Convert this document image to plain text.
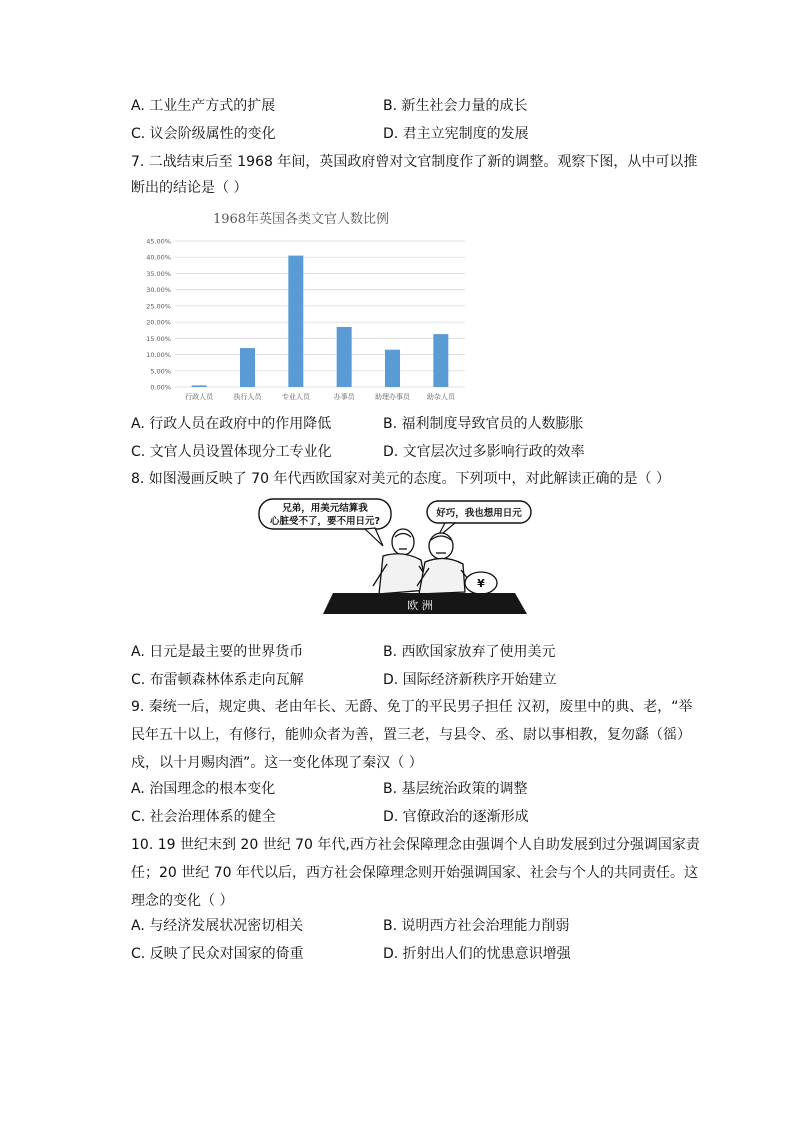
A. 工业生产方式的扩展	B. 新生社会力量的成长
C. 议会阶级属性的变化	D. 君主立宪制度的发展
7. 二战结束后至 1968 年间，英国政府曾对文官制度作了新的调整。观察下图，从中可以推
断出的结论是（ ）
1968年英国各类文官人数比例
0.00%
5.00%
10.00%
15.00%
20.00%
25.00%
30.00%
35.00%
40.00%
45.00%
行政人员	执行人员	专业人员	办事员	助理办事员 助杂人员
A. 行政人员在政府中的作用降低	B. 福利制度导致官员的人数膨胀
C. 文官人员设置体现分工专业化	D. 文官层次过多影响行政的效率
8. 如图漫画反映了 70 年代西欧国家对美元的态度。下列项中，对此解读正确的是（ ）
兄弟，用美元结算我
心脏受不了，要不用日元?
好巧，我也想用日元
¥
欧 洲
A. 日元是最主要的世界货币	B. 西欧国家放弃了使用美元
C. 布雷顿森林体系走向瓦解	D. 国际经济新秩序开始建立
9. 秦统一后，规定典、老由年长、无爵、免丁的平民男子担任 汉初，废里中的典、老，“举
民年五十以上，有修行，能帅众者为善，置三老，与县令、丞、尉以事相教，复勿繇（徭）
戍，以十月赐肉酒”。这一变化体现了秦汉（ ）
A. 治国理念的根本变化	B. 基层统治政策的调整
C. 社会治理体系的健全	D. 官僚政治的逐渐形成
10. 19 世纪末到 20 世纪 70 年代,西方社会保障理念由强调个人自助发展到过分强调国家责
任；20 世纪 70 年代以后，西方社会保障理念则开始强调国家、社会与个人的共同责任。这
理念的变化（ ）
A. 与经济发展状况密切相关	B. 说明西方社会治理能力削弱
C. 反映了民众对国家的倚重	D. 折射出人们的忧患意识增强
